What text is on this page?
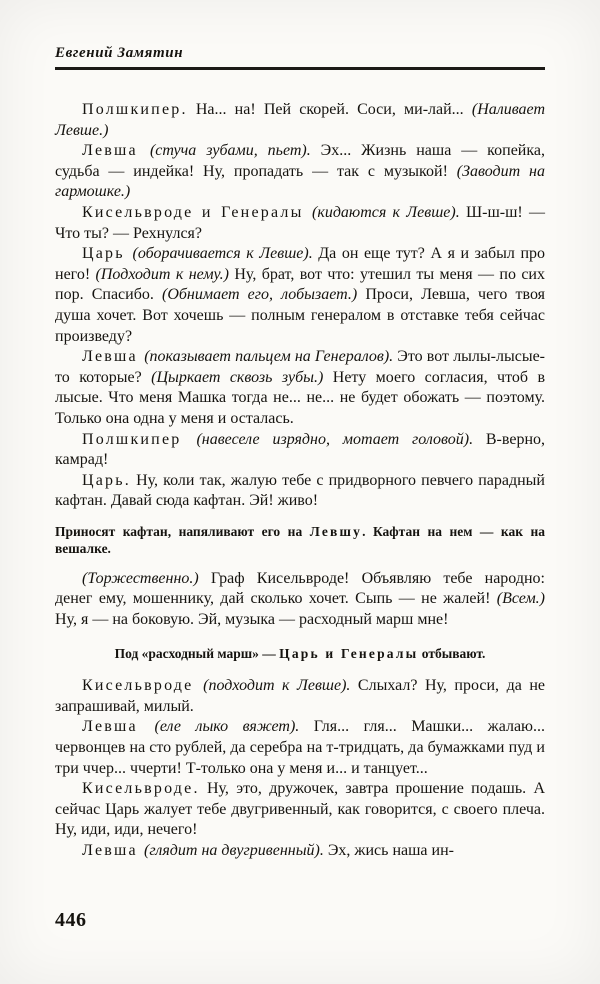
Евгений Замятин

Полшкипер. На... на! Пей скорей. Соси, ми-лай... (Наливает Левше.)

Левша (стуча зубами, пьет). Эх... Жизнь наша — копейка, судьба — индейка! Ну, пропадать — так с музыкой! (Заводит на гармошке.)

Кисельвроде и Генералы (кидаются к Левше). Ш-ш-ш! — Что ты? — Рехнулся?

Царь (оборачивается к Левше). Да он еще тут? А я и забыл про него! (Подходит к нему.) Ну, брат, вот что: утешил ты меня — по сих пор. Спасибо. (Обнимает его, лобызает.) Проси, Левша, чего твоя душа хочет. Вот хочешь — полным генералом в отставке тебя сейчас произведу?

Левша (показывает пальцем на Генералов). Это вот лылы-лысые-то которые? (Цыркает сквозь зубы.) Нету моего согласия, чтоб в лысые. Что меня Машка тогда не... не... не будет обожать — поэтому. Только она одна у меня и осталась.

Полшкипер (навеселе изрядно, мотает головой). В-верно, камрад!

Царь. Ну, коли так, жалую тебе с придворного певчего парадный кафтан. Давай сюда кафтан. Эй! живо!

Приносят кафтан, напяливают его на Левшу. Кафтан на нем — как на вешалке.

(Торжественно.) Граф Кисельвроде! Объявляю тебе народно: денег ему, мошеннику, дай сколько хочет. Сыпь — не жалей! (Всем.) Ну, я — на боковую. Эй, музыка — расходный марш мне!

Под «расходный марш» — Царь и Генералы отбывают.

Кисельвроде (подходит к Левше). Слыхал? Ну, проси, да не запрашивай, милый.

Левша (еле лыко вяжет). Гля... гля... Машки... жалаю... червонцев на сто рублей, да серебра на т-тридцать, да бумажками пуд и три ччер... ччерти! Т-только она у меня и... и танцует...

Кисельвроде. Ну, это, дружочек, завтра прошение подашь. А сейчас Царь жалует тебе двугривенный, как говорится, с своего плеча. Ну, иди, иди, нечего!

Левша (глядит на двугривенный). Эх, жись наша ин-

446
